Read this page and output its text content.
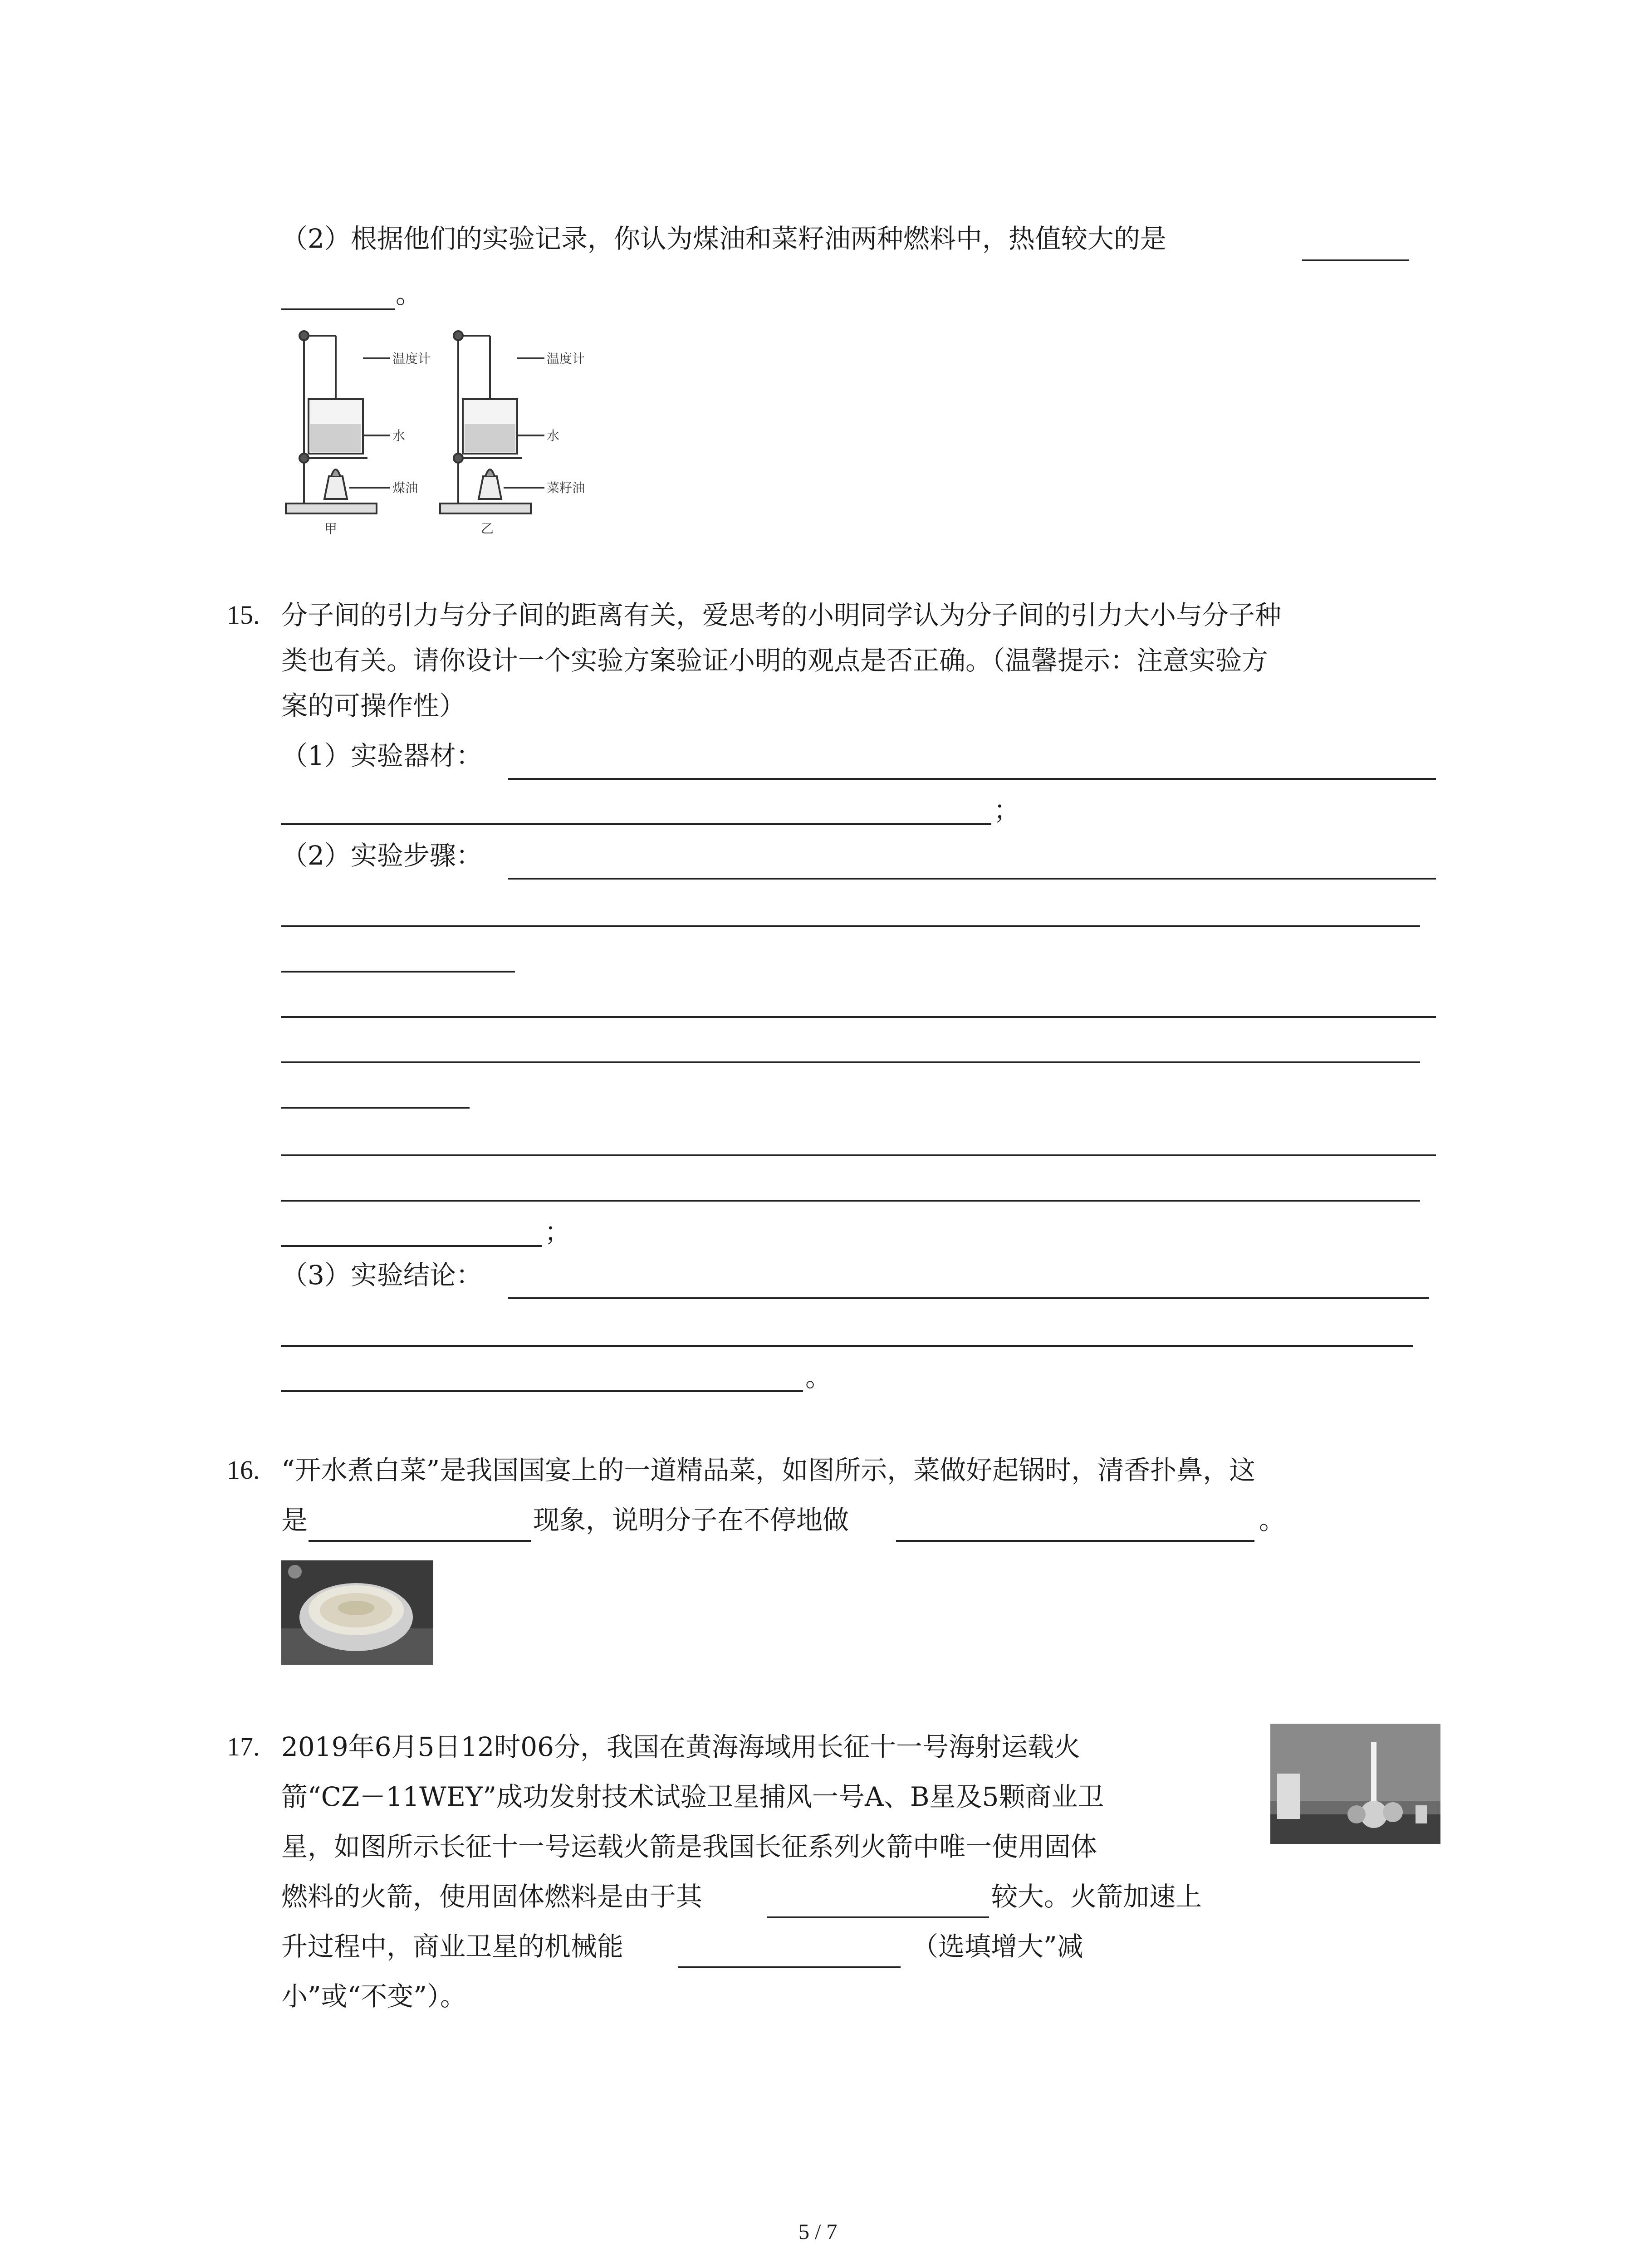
（2）根据他们的实验记录，你认为煤油和菜籽油两种燃料中，热值较大的是
。
温度计
水
煤油
甲
温度计
水
菜籽油
乙
15. 分子间的引力与分子间的距离有关，爱思考的小明同学认为分子间的引力大小与分子种
类也有关。请你设计一个实验方案验证小明的观点是否正确。（温馨提示：注意实验方
案的可操作性）
（1）实验器材：
；
（2）实验步骤：
；
（3）实验结论：
。
16. “开水煮白菜”是我国国宴上的一道精品菜，如图所示，菜做好起锅时，清香扑鼻，这
是	现象，说明分子在不停地做	。
17. 2019年6月5日12时06分，我国在黄海海域用长征十一号海射运载火
箭“CZ－11WEY”成功发射技术试验卫星捕风一号A、B星及5颗商业卫
星，如图所示长征十一号运载火箭是我国长征系列火箭中唯一使用固体
燃料的火箭，使用固体燃料是由于其	较大。火箭加速上
升过程中，商业卫星的机械能	（选填增大”减
小”或“不变”）。
5 / 7
